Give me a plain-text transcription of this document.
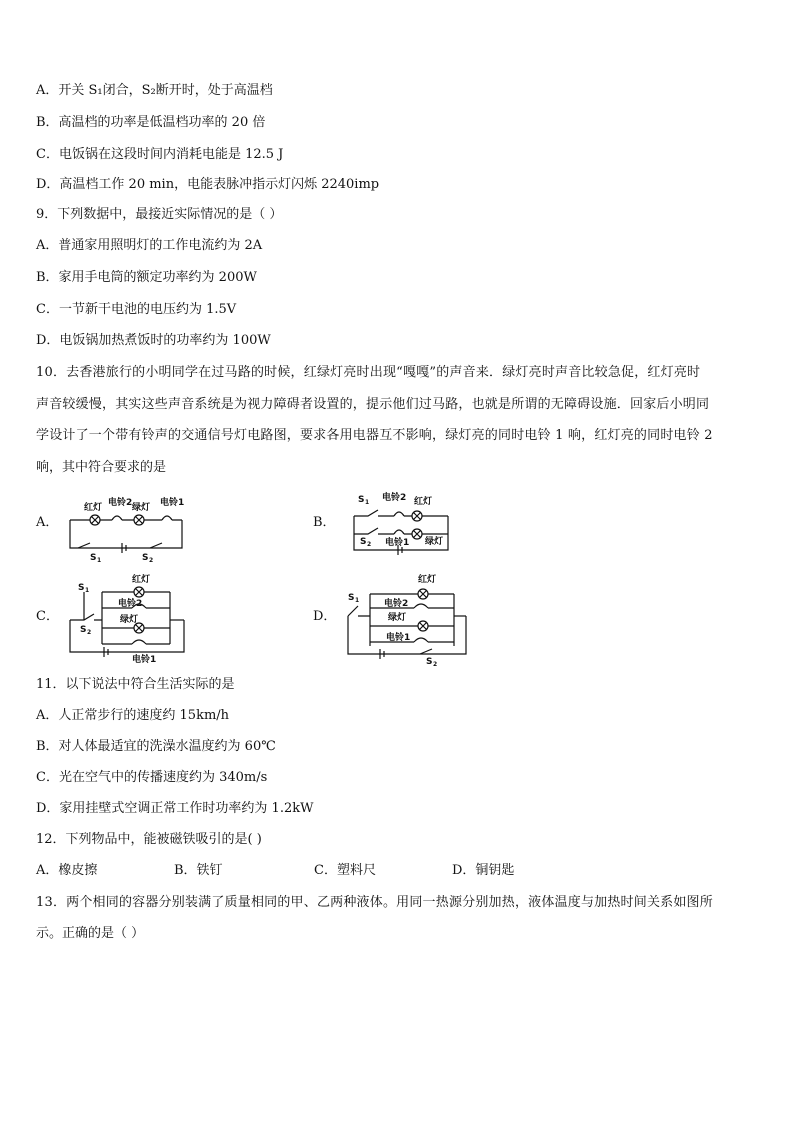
A．开关 S₁闭合，S₂断开时，处于高温档
B．高温档的功率是低温档功率的 20 倍
C．电饭锅在这段时间内消耗电能是 12.5 J
D．高温档工作 20 min，电能表脉冲指示灯闪烁 2240imp
9．下列数据中，最接近实际情况的是（ ）
A．普通家用照明灯的工作电流约为 2A
B．家用手电筒的额定功率约为 200W
C．一节新干电池的电压约为 1.5V
D．电饭锅加热煮饭时的功率约为 100W
10．去香港旅行的小明同学在过马路的时候，红绿灯亮时出现“嘎嘎”的声音来．绿灯亮时声音比较急促，红灯亮时
声音较缓慢，其实这些声音系统是为视力障碍者设置的，提示他们过马路，也就是所谓的无障碍设施．回家后小明同
学设计了一个带有铃声的交通信号灯电路图，要求各用电器互不影响，绿灯亮的同时电铃 1 响，红灯亮的同时电铃 2
响，其中符合要求的是
A．	B．
C．	D．
红灯 电铃2 绿灯 电铃1
S 1	S 2
S 1 电铃2 红灯
S 2 电铃1 绿灯
红灯
S 1
电铃2
S 2
绿灯
电铃1
红灯
S 1	电铃2
绿灯
电铃1
S 2
11．以下说法中符合生活实际的是
A．人正常步行的速度约 15km/h
B．对人体最适宜的洗澡水温度约为 60℃
C．光在空气中的传播速度约为 340m/s
D．家用挂壁式空调正常工作时功率约为 1.2kW
12．下列物品中，能被磁铁吸引的是( )
A．橡皮擦	B．铁钉	C．塑料尺	D．铜钥匙
13．两个相同的容器分别装满了质量相同的甲、乙两种液体。用同一热源分别加热，液体温度与加热时间关系如图所
示。正确的是（ ）
